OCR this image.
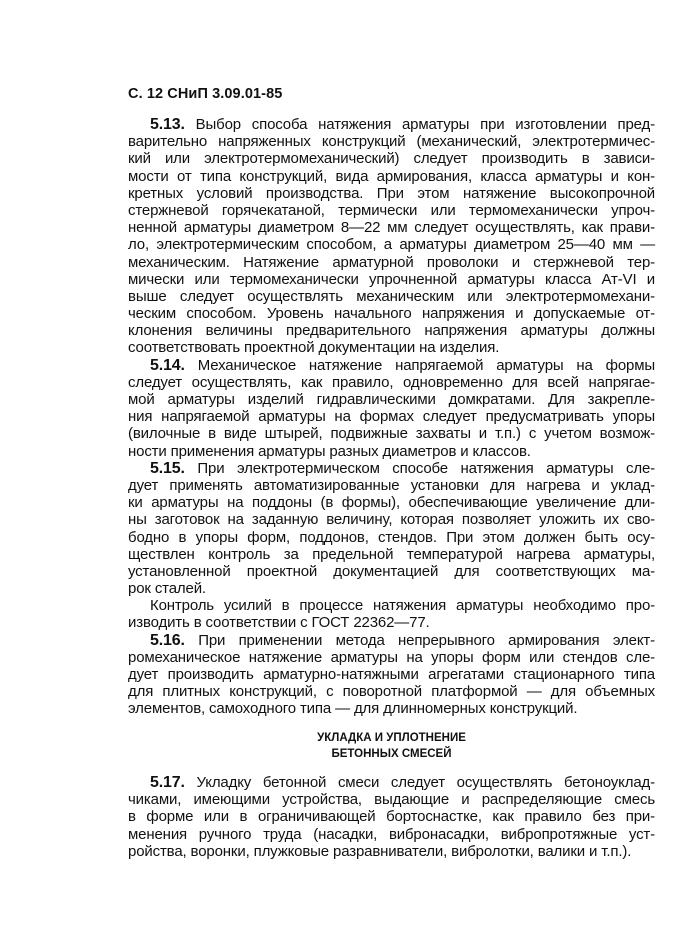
С. 12 СНиП 3.09.01-85
5.13. Выбор способа натяжения арматуры при изготовлении пред-
варительно напряженных конструкций (механический, электротермичес-
кий или электротермомеханический) следует производить в зависи-
мости от типа конструкций, вида армирования, класса арматуры и кон-
кретных условий производства. При этом натяжение высокопрочной
стержневой горячекатаной, термически или термомеханически упроч-
ненной арматуры диаметром 8—22 мм следует осуществлять, как прави-
ло, электротермическим способом, а арматуры диаметром 25—40 мм —
механическим. Натяжение арматурной проволоки и стержневой тер-
мически или термомеханически упрочненной арматуры класса Ат-VI и
выше следует осуществлять механическим или электротермомехани-
ческим способом. Уровень начального напряжения и допускаемые от-
клонения величины предварительного напряжения арматуры должны
соответствовать проектной документации на изделия.
5.14. Механическое натяжение напрягаемой арматуры на формы
следует осуществлять, как правило, одновременно для всей напрягае-
мой арматуры изделий гидравлическими домкратами. Для закрепле-
ния напрягаемой арматуры на формах следует предусматривать упоры
(вилочные в виде штырей, подвижные захваты и т.п.) с учетом возмож-
ности применения арматуры разных диаметров и классов.
5.15. При электротермическом способе натяжения арматуры сле-
дует применять автоматизированные установки для нагрева и уклад-
ки арматуры на поддоны (в формы), обеспечивающие увеличение дли-
ны заготовок на заданную величину, которая позволяет уложить их сво-
бодно в упоры форм, поддонов, стендов. При этом должен быть осу-
ществлен контроль за предельной температурой нагрева арматуры,
установленной проектной документацией для соответствующих ма-
рок сталей.
Контроль усилий в процессе натяжения арматуры необходимо про-
изводить в соответствии с ГОСТ 22362—77.
5.16. При применении метода непрерывного армирования элект-
ромеханическое натяжение арматуры на упоры форм или стендов сле-
дует производить арматурно-натяжными агрегатами стационарного типа
для плитных конструкций, с поворотной платформой — для объемных
элементов, самоходного типа — для длинномерных конструкций.
УКЛАДКА И УПЛОТНЕНИЕ
БЕТОННЫХ СМЕСЕЙ
5.17. Укладку бетонной смеси следует осуществлять бетоноуклад-
чиками, имеющими устройства, выдающие и распределяющие смесь
в форме или в ограничивающей бортоснастке, как правило без при-
менения ручного труда (насадки, вибронасадки, вибропротяжные уст-
ройства, воронки, плужковые разравниватели, вибролотки, валики и т.п.).
